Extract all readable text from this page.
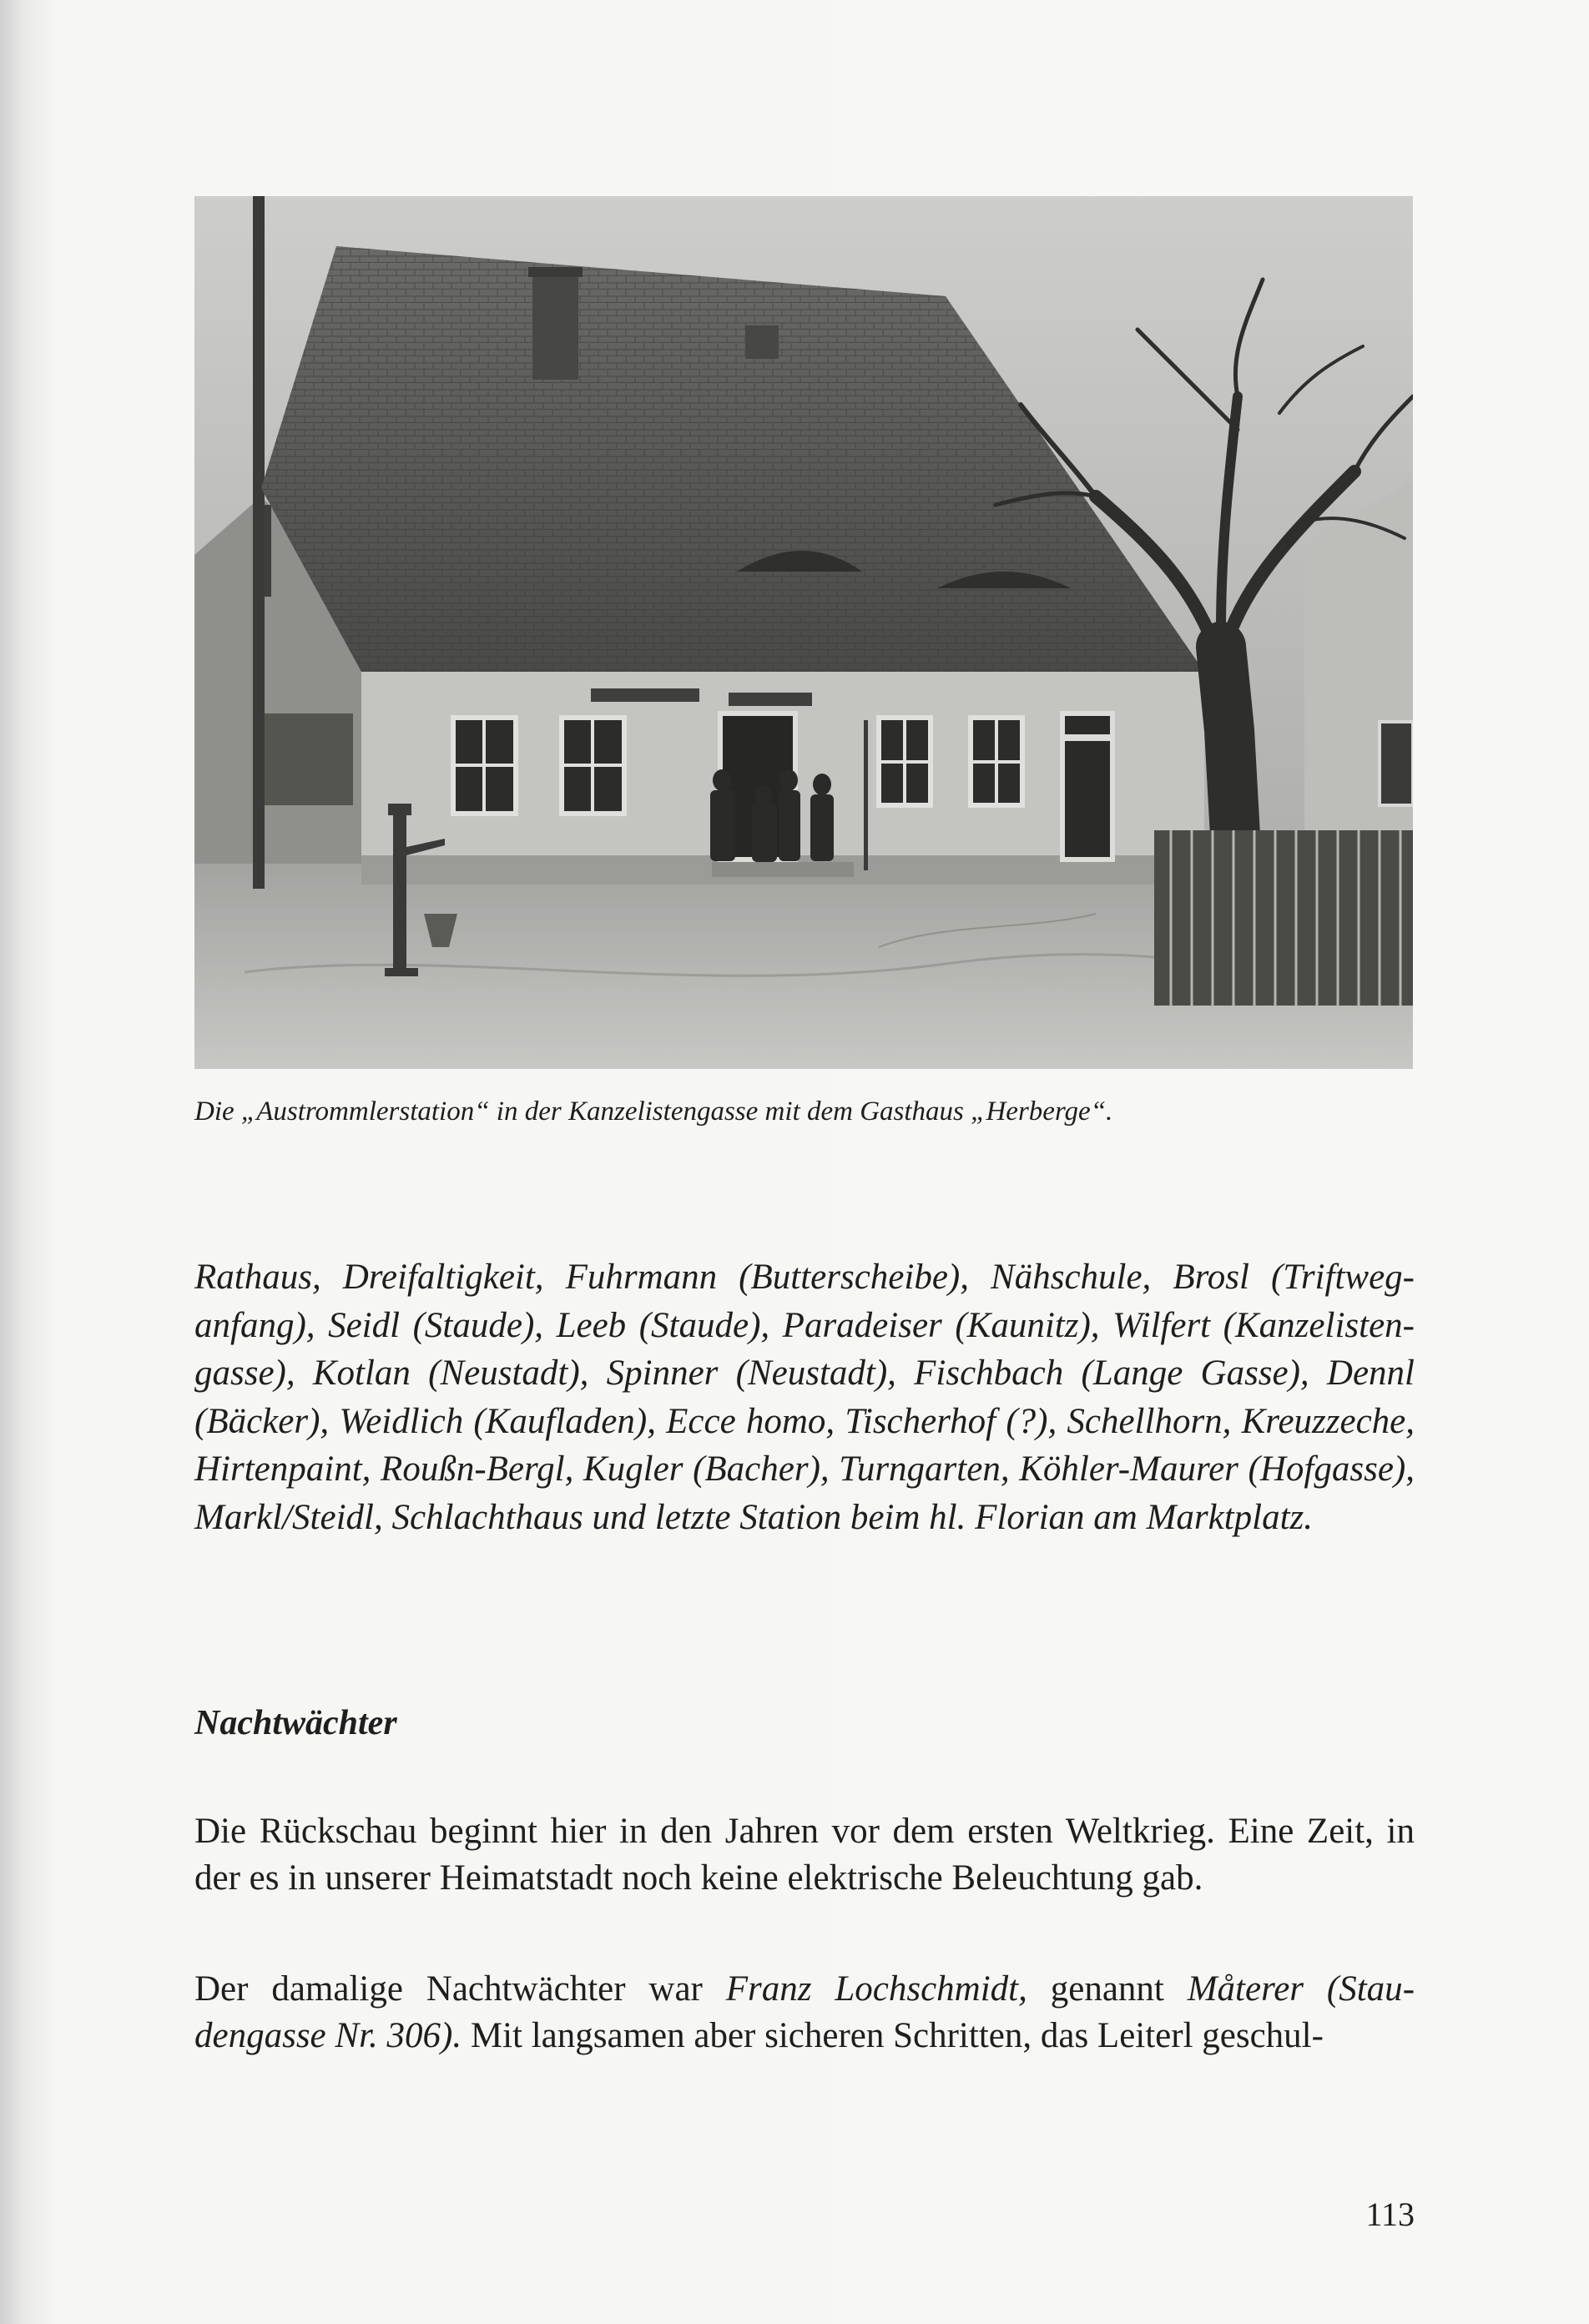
Die „Austrommlerstation“ in der Kanzelistengasse mit dem Gasthaus „Herberge“.

Rathaus, Dreifaltigkeit, Fuhrmann (Butterscheibe), Nähschule, Brosl (Triftweganfang), Seidl (Staude), Leeb (Staude), Paradeiser (Kaunitz), Wilfert (Kanzelistengasse), Kotlan (Neustadt), Spinner (Neustadt), Fischbach (Lange Gasse), Dennl (Bäcker), Weidlich (Kaufladen), Ecce homo, Tischerhof (?), Schellhorn, Kreuzzeche, Hirtenpaint, Roußn-Bergl, Kugler (Bacher), Turngarten, Köhler-Maurer (Hofgasse), Markl/Steidl, Schlachthaus und letzte Station beim hl. Florian am Marktplatz.

Nachtwächter

Die Rückschau beginnt hier in den Jahren vor dem ersten Weltkrieg. Eine Zeit, in der es in unserer Heimatstadt noch keine elektrische Beleuchtung gab.

Der damalige Nachtwächter war Franz Lochschmidt, genannt Måterer (Staudengasse Nr. 306). Mit langsamen aber sicheren Schritten, das Leiterl geschul-

113
